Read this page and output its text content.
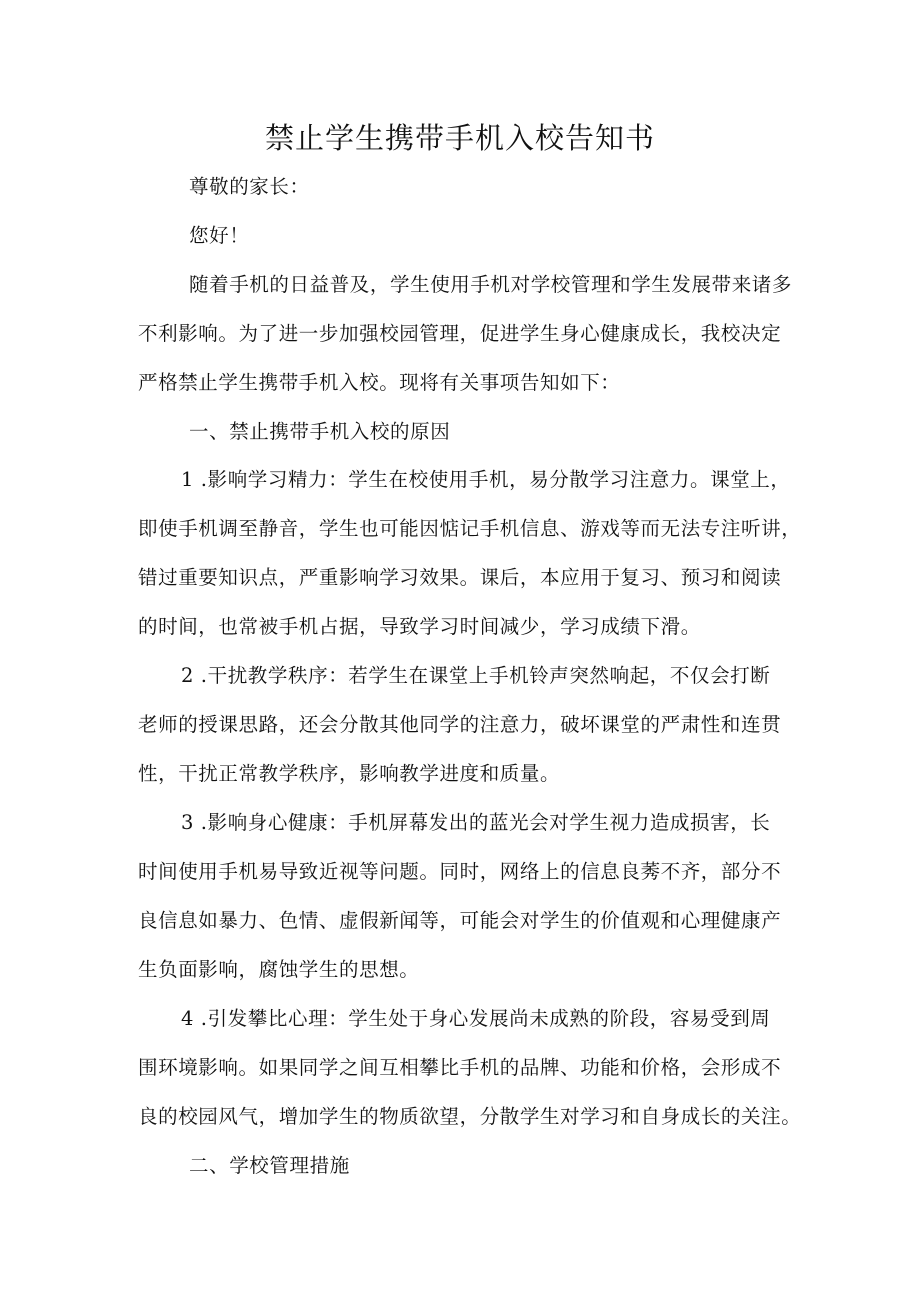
禁止学生携带手机入校告知书
尊敬的家长：
您好！
随着手机的日益普及，学生使用手机对学校管理和学生发展带来诸多
不利影响。为了进一步加强校园管理，促进学生身心健康成长，我校决定
严格禁止学生携带手机入校。现将有关事项告知如下：
一、禁止携带手机入校的原因
1 .影响学习精力：学生在校使用手机，易分散学习注意力。课堂上，
即使手机调至静音，学生也可能因惦记手机信息、游戏等而无法专注听讲，
错过重要知识点，严重影响学习效果。课后，本应用于复习、预习和阅读
的时间，也常被手机占据，导致学习时间减少，学习成绩下滑。
2 .干扰教学秩序：若学生在课堂上手机铃声突然响起，不仅会打断
老师的授课思路，还会分散其他同学的注意力，破坏课堂的严肃性和连贯
性，干扰正常教学秩序，影响教学进度和质量。
3 .影响身心健康：手机屏幕发出的蓝光会对学生视力造成损害，长
时间使用手机易导致近视等问题。同时，网络上的信息良莠不齐，部分不
良信息如暴力、色情、虚假新闻等，可能会对学生的价值观和心理健康产
生负面影响，腐蚀学生的思想。
4 .引发攀比心理：学生处于身心发展尚未成熟的阶段，容易受到周
围环境影响。如果同学之间互相攀比手机的品牌、功能和价格，会形成不
良的校园风气，增加学生的物质欲望，分散学生对学习和自身成长的关注。
二、学校管理措施
